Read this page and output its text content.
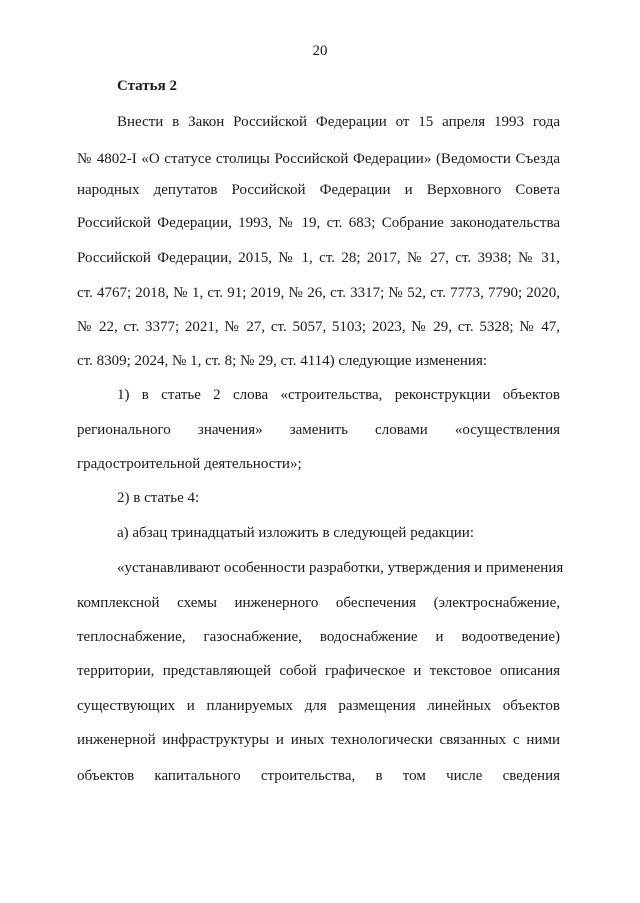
20
Статья 2
Внести в Закон Российской Федерации от 15 апреля 1993 года
№ 4802-I «О статусе столицы Российской Федерации» (Ведомости Съезда
народных депутатов Российской Федерации и Верховного Совета
Российской Федерации, 1993, № 19, ст. 683; Собрание законодательства
Российской Федерации, 2015, № 1, ст. 28; 2017, № 27, ст. 3938; № 31,
ст. 4767; 2018, № 1, ст. 91; 2019, № 26, ст. 3317; № 52, ст. 7773, 7790; 2020,
№ 22, ст. 3377; 2021, № 27, ст. 5057, 5103; 2023, № 29, ст. 5328; № 47,
ст. 8309; 2024, № 1, ст. 8; № 29, ст. 4114) следующие изменения:
1) в статье 2 слова «строительства, реконструкции объектов
регионального значения» заменить словами «осуществления
градостроительной деятельности»;
2) в статье 4:
а) абзац тринадцатый изложить в следующей редакции:
«устанавливают особенности разработки, утверждения и применения
комплексной схемы инженерного обеспечения (электроснабжение,
теплоснабжение, газоснабжение, водоснабжение и водоотведение)
территории, представляющей собой графическое и текстовое описания
существующих и планируемых для размещения линейных объектов
инженерной инфраструктуры и иных технологически связанных с ними
объектов капитального строительства, в том числе сведения
